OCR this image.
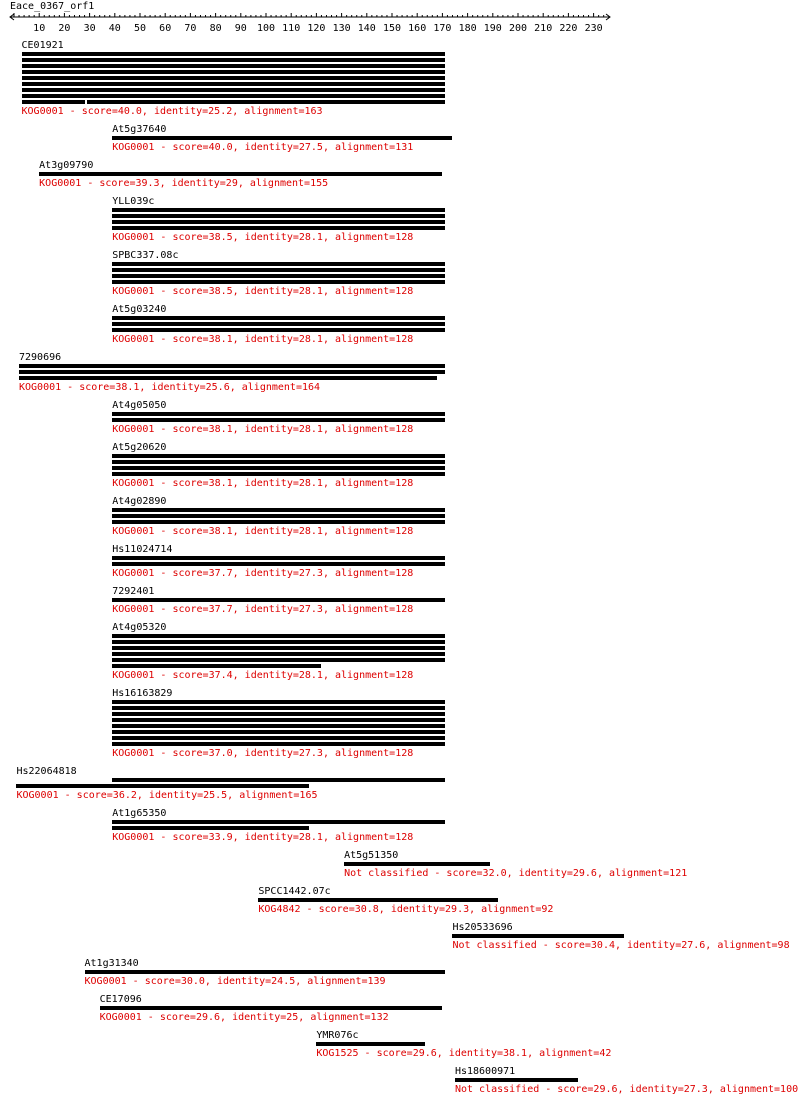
Eace_0367_orf1
10 20 30 40 50 60 70 80 90 100 110 120 130 140 150 160 170 180 190 200 210 220 230
CE01921
KOG0001 - score=40.0, identity=25.2, alignment=163
At5g37640
KOG0001 - score=40.0, identity=27.5, alignment=131
At3g09790
KOG0001 - score=39.3, identity=29, alignment=155
YLL039c
KOG0001 - score=38.5, identity=28.1, alignment=128
SPBC337.08c
KOG0001 - score=38.5, identity=28.1, alignment=128
At5g03240
KOG0001 - score=38.1, identity=28.1, alignment=128
7290696
KOG0001 - score=38.1, identity=25.6, alignment=164
At4g05050
KOG0001 - score=38.1, identity=28.1, alignment=128
At5g20620
KOG0001 - score=38.1, identity=28.1, alignment=128
At4g02890
KOG0001 - score=38.1, identity=28.1, alignment=128
Hs11024714
KOG0001 - score=37.7, identity=27.3, alignment=128
7292401
KOG0001 - score=37.7, identity=27.3, alignment=128
At4g05320
KOG0001 - score=37.4, identity=28.1, alignment=128
Hs16163829
KOG0001 - score=37.0, identity=27.3, alignment=128
Hs22064818
KOG0001 - score=36.2, identity=25.5, alignment=165
At1g65350
KOG0001 - score=33.9, identity=28.1, alignment=128
At5g51350
Not classified - score=32.0, identity=29.6, alignment=121
SPCC1442.07c
KOG4842 - score=30.8, identity=29.3, alignment=92
Hs20533696
Not classified - score=30.4, identity=27.6, alignment=98
At1g31340
KOG0001 - score=30.0, identity=24.5, alignment=139
CE17096
KOG0001 - score=29.6, identity=25, alignment=132
YMR076c
KOG1525 - score=29.6, identity=38.1, alignment=42
Hs18600971
Not classified - score=29.6, identity=27.3, alignment=100
